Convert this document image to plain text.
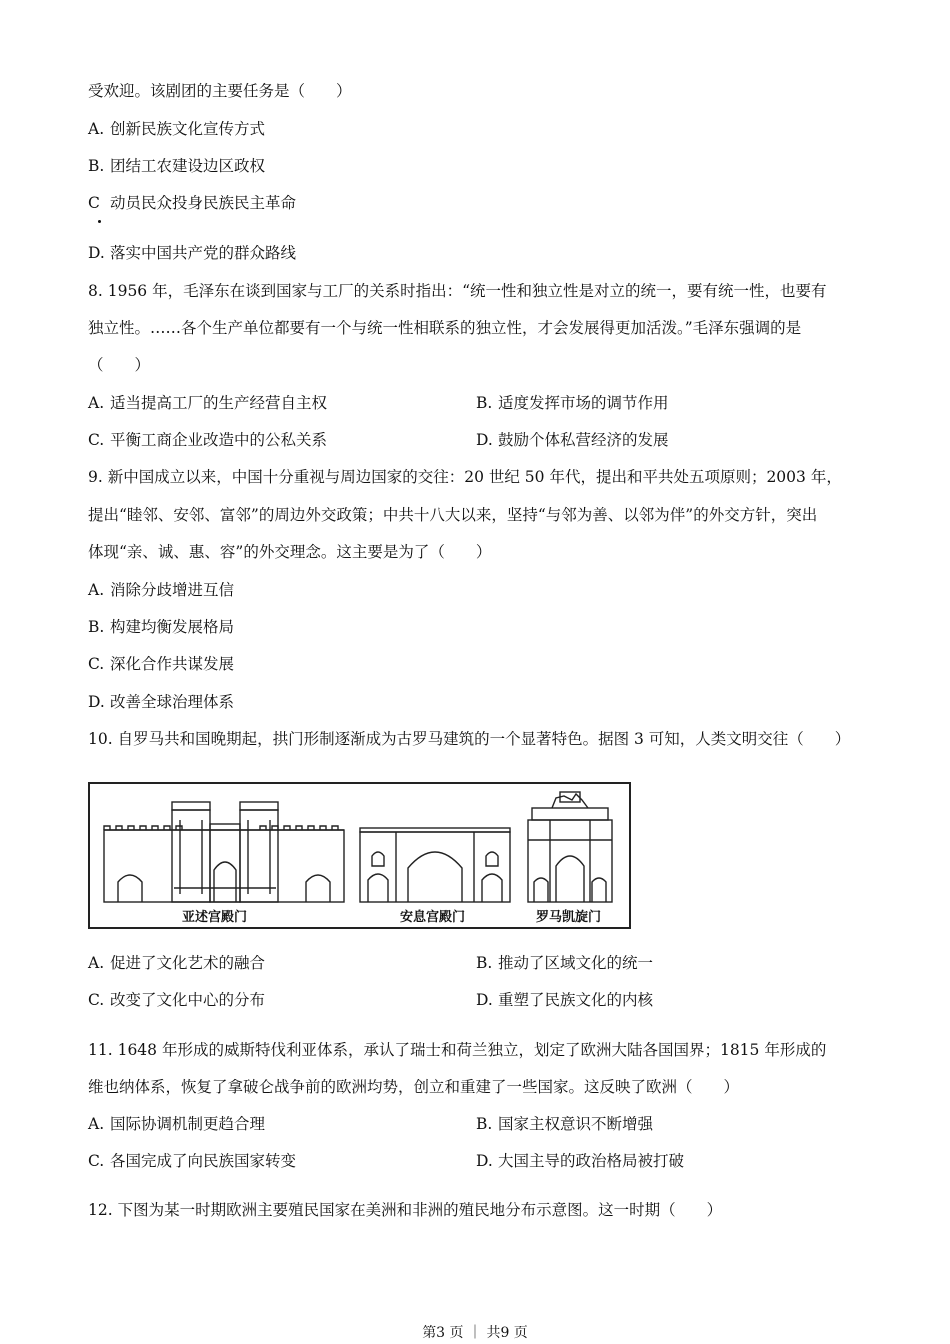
受欢迎。该剧团的主要任务是（　　）
A. 创新民族文化宣传方式
B. 团结工农建设边区政权
C 动员民众投身民族民主革命
D. 落实中国共产党的群众路线
8. 1956 年，毛泽东在谈到国家与工厂的关系时指出：“统一性和独立性是对立的统一，要有统一性，也要有
独立性。……各个生产单位都要有一个与统一性相联系的独立性，才会发展得更加活泼。”毛泽东强调的是
（　　）
A. 适当提高工厂的生产经营自主权	B. 适度发挥市场的调节作用
C. 平衡工商企业改造中的公私关系	D. 鼓励个体私营经济的发展
9. 新中国成立以来，中国十分重视与周边国家的交往：20 世纪 50 年代，提出和平共处五项原则；2003 年，
提出“睦邻、安邻、富邻”的周边外交政策；中共十八大以来，坚持“与邻为善、以邻为伴”的外交方针，突出
体现“亲、诚、惠、容”的外交理念。这主要是为了（　　）
A. 消除分歧增进互信
B. 构建均衡发展格局
C. 深化合作共谋发展
D. 改善全球治理体系
10. 自罗马共和国晚期起，拱门形制逐渐成为古罗马建筑的一个显著特色。据图 3 可知，人类文明交往（　　）
亚述宫殿门	安息宫殿门	罗马凯旋门
A. 促进了文化艺术的融合	B. 推动了区域文化的统一
C. 改变了文化中心的分布	D. 重塑了民族文化的内核
11. 1648 年形成的威斯特伐利亚体系，承认了瑞士和荷兰独立，划定了欧洲大陆各国国界；1815 年形成的
维也纳体系，恢复了拿破仑战争前的欧洲均势，创立和重建了一些国家。这反映了欧洲（　　）
A. 国际协调机制更趋合理	B. 国家主权意识不断增强
C. 各国完成了向民族国家转变	D. 大国主导的政治格局被打破
12. 下图为某一时期欧洲主要殖民国家在美洲和非洲的殖民地分布示意图。这一时期（　　）
第3 页 ｜ 共9 页
